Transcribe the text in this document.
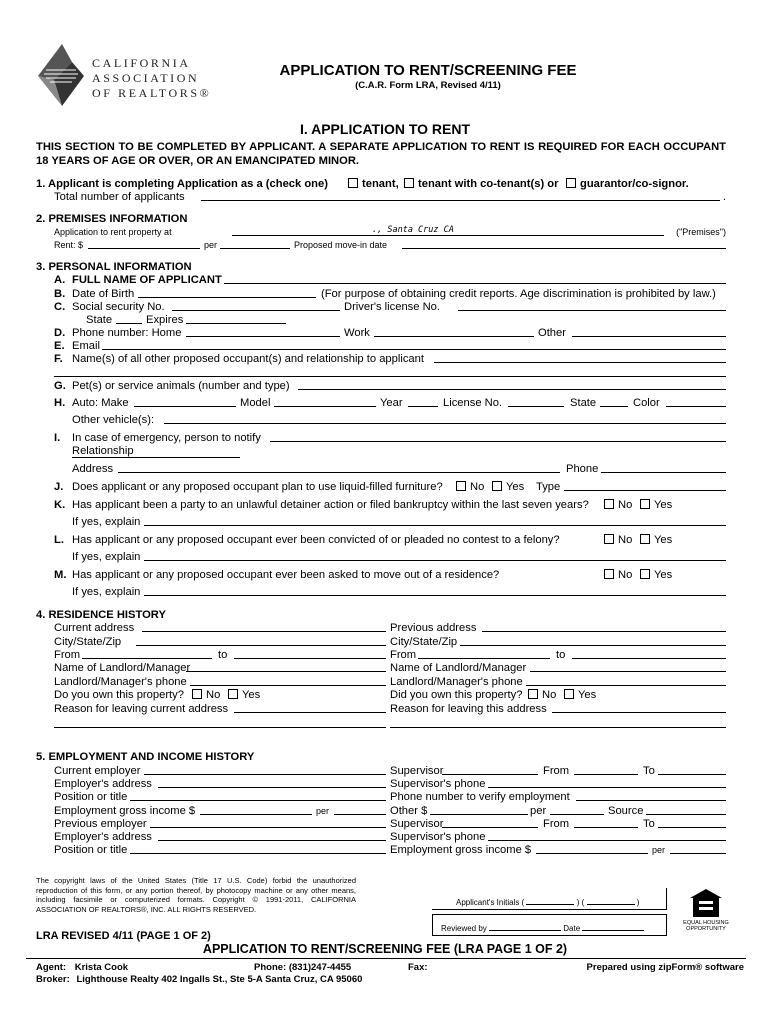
CALIFORNIA
ASSOCIATION
OF REALTORS®
APPLICATION TO RENT/SCREENING FEE
(C.A.R. Form LRA, Revised 4/11)
I. APPLICATION TO RENT
THIS SECTION TO BE COMPLETED BY APPLICANT. A SEPARATE APPLICATION TO RENT IS REQUIRED FOR EACH OCCUPANT 18 YEARS OF AGE OR OVER, OR AN EMANCIPATED MINOR.
1. Applicant is completing Application as a (check one)	tenant,	tenant with co-tenant(s) or	guarantor/co-signor.
Total number of applicants	.
2. PREMISES INFORMATION
Application to rent property at	., Santa Cruz CA	("Premises")
Rent: $	per	Proposed move-in date
3. PERSONAL INFORMATION
A. FULL NAME OF APPLICANT
B. Date of Birth	(For purpose of obtaining credit reports. Age discrimination is prohibited by law.)
C. Social security No.	Driver's license No.
State	Expires
D. Phone number: Home	Work	Other
E. Email
F. Name(s) of all other proposed occupant(s) and relationship to applicant
G. Pet(s) or service animals (number and type)
H. Auto: Make	Model	Year	License No.	State	Color
Other vehicle(s):
I. In case of emergency, person to notify
Relationship
Address	Phone
J. Does applicant or any proposed occupant plan to use liquid-filled furniture?	No	Yes Type
K. Has applicant been a party to an unlawful detainer action or filed bankruptcy within the last seven years?	No	Yes
If yes, explain
L. Has applicant or any proposed occupant ever been convicted of or pleaded no contest to a felony?	No	Yes
If yes, explain
M. Has applicant or any proposed occupant ever been asked to move out of a residence?	No	Yes
If yes, explain
4. RESIDENCE HISTORY
Current address	Previous address
City/State/Zip	City/State/Zip
From	to	From	to
Name of Landlord/Manager	Name of Landlord/Manager
Landlord/Manager's phone	Landlord/Manager's phone
Do you own this property?	No	Yes	Did you own this property?	No	Yes
Reason for leaving current address	Reason for leaving this address
5. EMPLOYMENT AND INCOME HISTORY
Current employer	Supervisor	From	To
Employer's address	Supervisor's phone
Position or title	Phone number to verify employment
Employment gross income $	per	Other $	per	Source
Previous employer	Supervisor	From	To
Employer's address	Supervisor's phone
Position or title	Employment gross income $	per
The copyright laws of the United States (Title 17 U.S. Code) forbid the unauthorized reproduction of this form, or any portion thereof, by photocopy machine or any other means, including facsimile or computerized formats. Copyright © 1991-2011, CALIFORNIA ASSOCIATION OF REALTORS®, INC. ALL RIGHTS RESERVED.
Applicant's Initials (	) (	)
Reviewed by	Date
EQUAL HOUSING
OPPORTUNITY
LRA REVISED 4/11 (PAGE 1 OF 2)
APPLICATION TO RENT/SCREENING FEE (LRA PAGE 1 OF 2)
Agent: Krista Cook	Phone: (831)247-4455	Fax:	Prepared using zipForm® software
Broker: Lighthouse Realty 402 Ingalls St., Ste 5-A Santa Cruz, CA 95060
